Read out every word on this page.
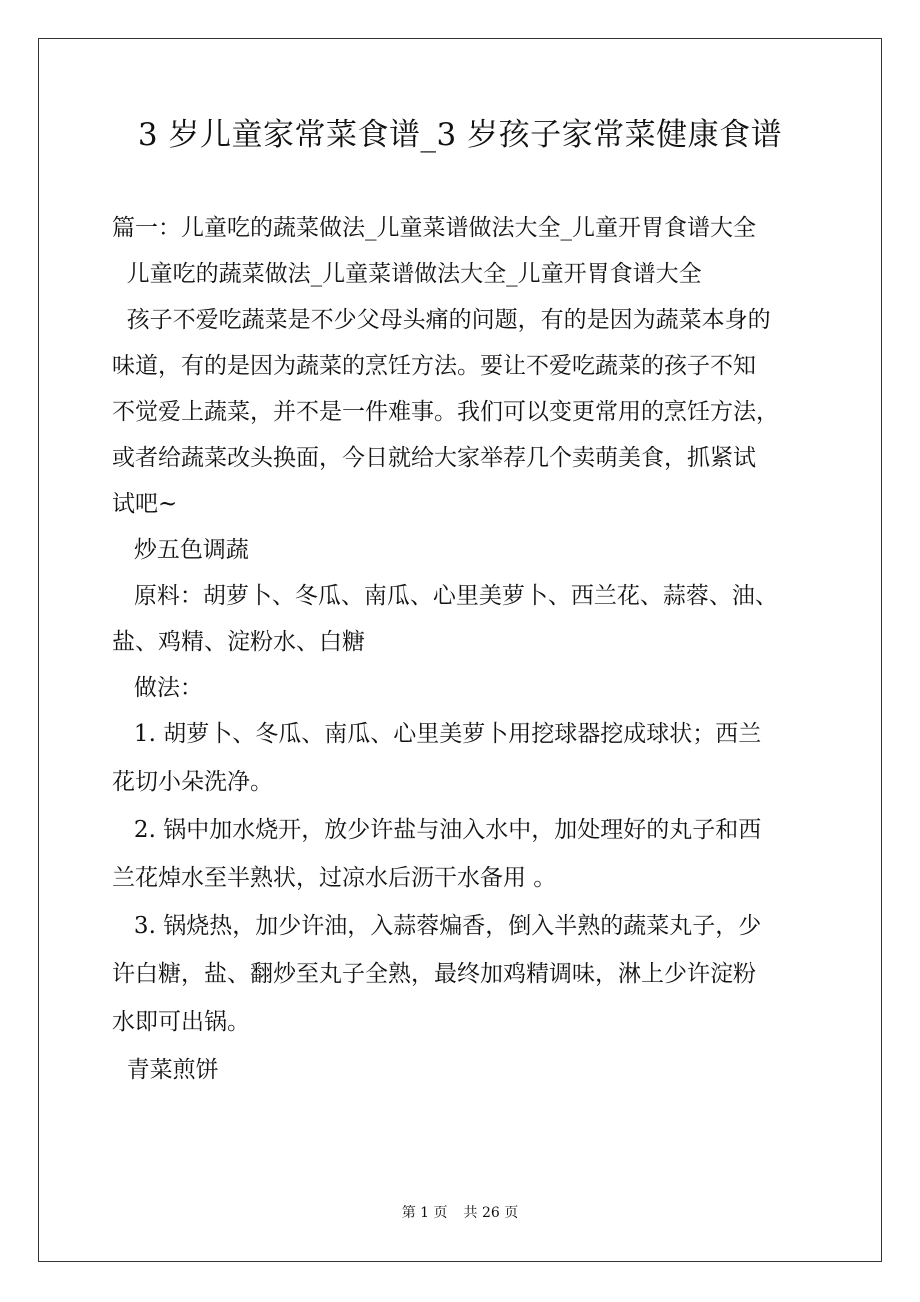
3 岁儿童家常菜食谱_3 岁孩子家常菜健康食谱
篇一：儿童吃的蔬菜做法_儿童菜谱做法大全_儿童开胃食谱大全
儿童吃的蔬菜做法_儿童菜谱做法大全_儿童开胃食谱大全
孩子不爱吃蔬菜是不少父母头痛的问题，有的是因为蔬菜本身的
味道，有的是因为蔬菜的烹饪方法。要让不爱吃蔬菜的孩子不知
不觉爱上蔬菜，并不是一件难事。我们可以变更常用的烹饪方法，
或者给蔬菜改头换面，今日就给大家举荐几个卖萌美食，抓紧试
试吧~
炒五色调蔬
原料：胡萝卜、冬瓜、南瓜、心里美萝卜、西兰花、蒜蓉、油、
盐、鸡精、淀粉水、白糖
做法：
1. 胡萝卜、冬瓜、南瓜、心里美萝卜用挖球器挖成球状；西兰
花切小朵洗净。
2. 锅中加水烧开，放少许盐与油入水中，加处理好的丸子和西
兰花焯水至半熟状，过凉水后沥干水备用 。
3. 锅烧热，加少许油，入蒜蓉煸香，倒入半熟的蔬菜丸子，少
许白糖，盐、翻炒至丸子全熟，最终加鸡精调味，淋上少许淀粉
水即可出锅。
青菜煎饼
第 1 页 共 26 页
